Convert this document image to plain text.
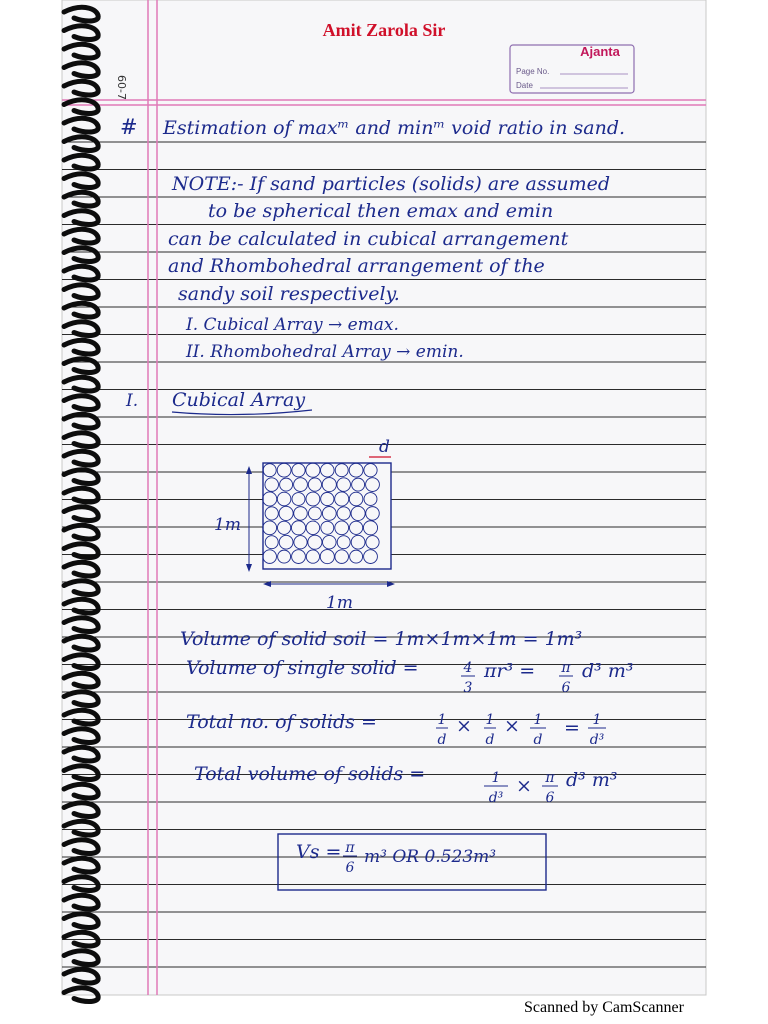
Amit Zarola Sir
Ajanta
Page No.
Date
60-7
# Estimation of maxᵐ and minᵐ void ratio in sand.
NOTE:- If sand particles (solids) are assumed
to be spherical then emax and emin
can be calculated in cubical arrangement
and Rhombohedral arrangement of the
sandy soil respectively.
I. Cubical Array → emax.
II. Rhombohedral Array → emin.
I. Cubical Array
d
1m
1m
Volume of solid soil = 1m×1m×1m = 1m³
Volume of single solid =	4
3
πr³ = π
6
d³ m³
Total no. of solids =	1
d
× 1
d
× 1
d
= 1
d³
Total volume of solids =	1
d³
× π
6
d³ m³
Vs = π
6
m³ OR 0.523m³
Scanned by CamScanner
